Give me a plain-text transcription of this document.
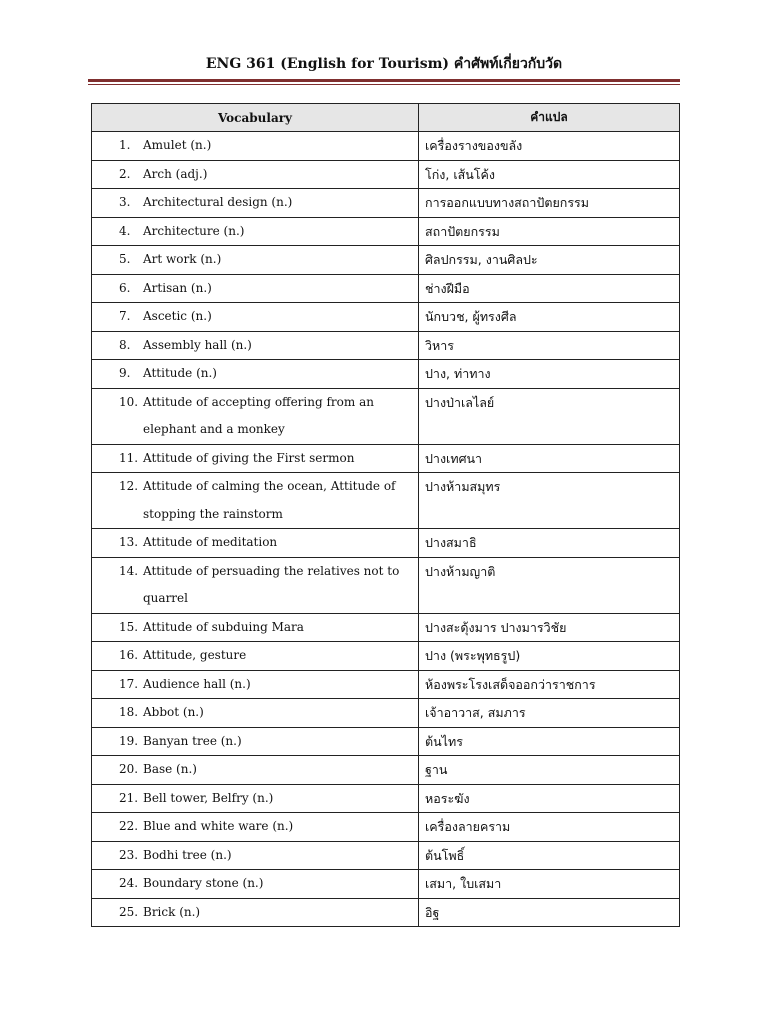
ENG 361 (English for Tourism) คำศัพท์เกี่ยวกับวัด
Vocabulary	คำแปล

1. Amulet (n.)	เครื่องรางของขลัง

2. Arch (adj.)	โก่ง, เส้นโค้ง

3. Architectural design (n.)	การออกแบบทางสถาปัตยกรรม

4. Architecture (n.)	สถาปัตยกรรม

5. Art work (n.)	ศิลปกรรม, งานศิลปะ

6. Artisan (n.)	ช่างฝีมือ

7. Ascetic (n.)	นักบวช, ผู้ทรงศีล

8. Assembly hall (n.)	วิหาร

9. Attitude (n.)	ปาง, ท่าทาง

10. Attitude of accepting offering from an elephant and a monkey	ปางป่าเลไลย์

11. Attitude of giving the First sermon	ปางเทศนา

12. Attitude of calming the ocean, Attitude of stopping the rainstorm	ปางห้ามสมุทร

13. Attitude of meditation	ปางสมาธิ

14. Attitude of persuading the relatives not to quarrel	ปางห้ามญาติ

15. Attitude of subduing Mara	ปางสะดุ้งมาร ปางมารวิชัย

16. Attitude, gesture	ปาง (พระพุทธรูป)

17. Audience hall (n.)	ห้องพระโรงเสด็จออกว่าราชการ

18. Abbot (n.)	เจ้าอาวาส, สมภาร

19. Banyan tree (n.)	ต้นไทร

20. Base (n.)	ฐาน

21. Bell tower, Belfry (n.)	หอระฆัง

22. Blue and white ware (n.)	เครื่องลายคราม

23. Bodhi tree (n.)	ต้นโพธิ์

24. Boundary stone (n.)	เสมา, ใบเสมา

25. Brick (n.)	อิฐ
